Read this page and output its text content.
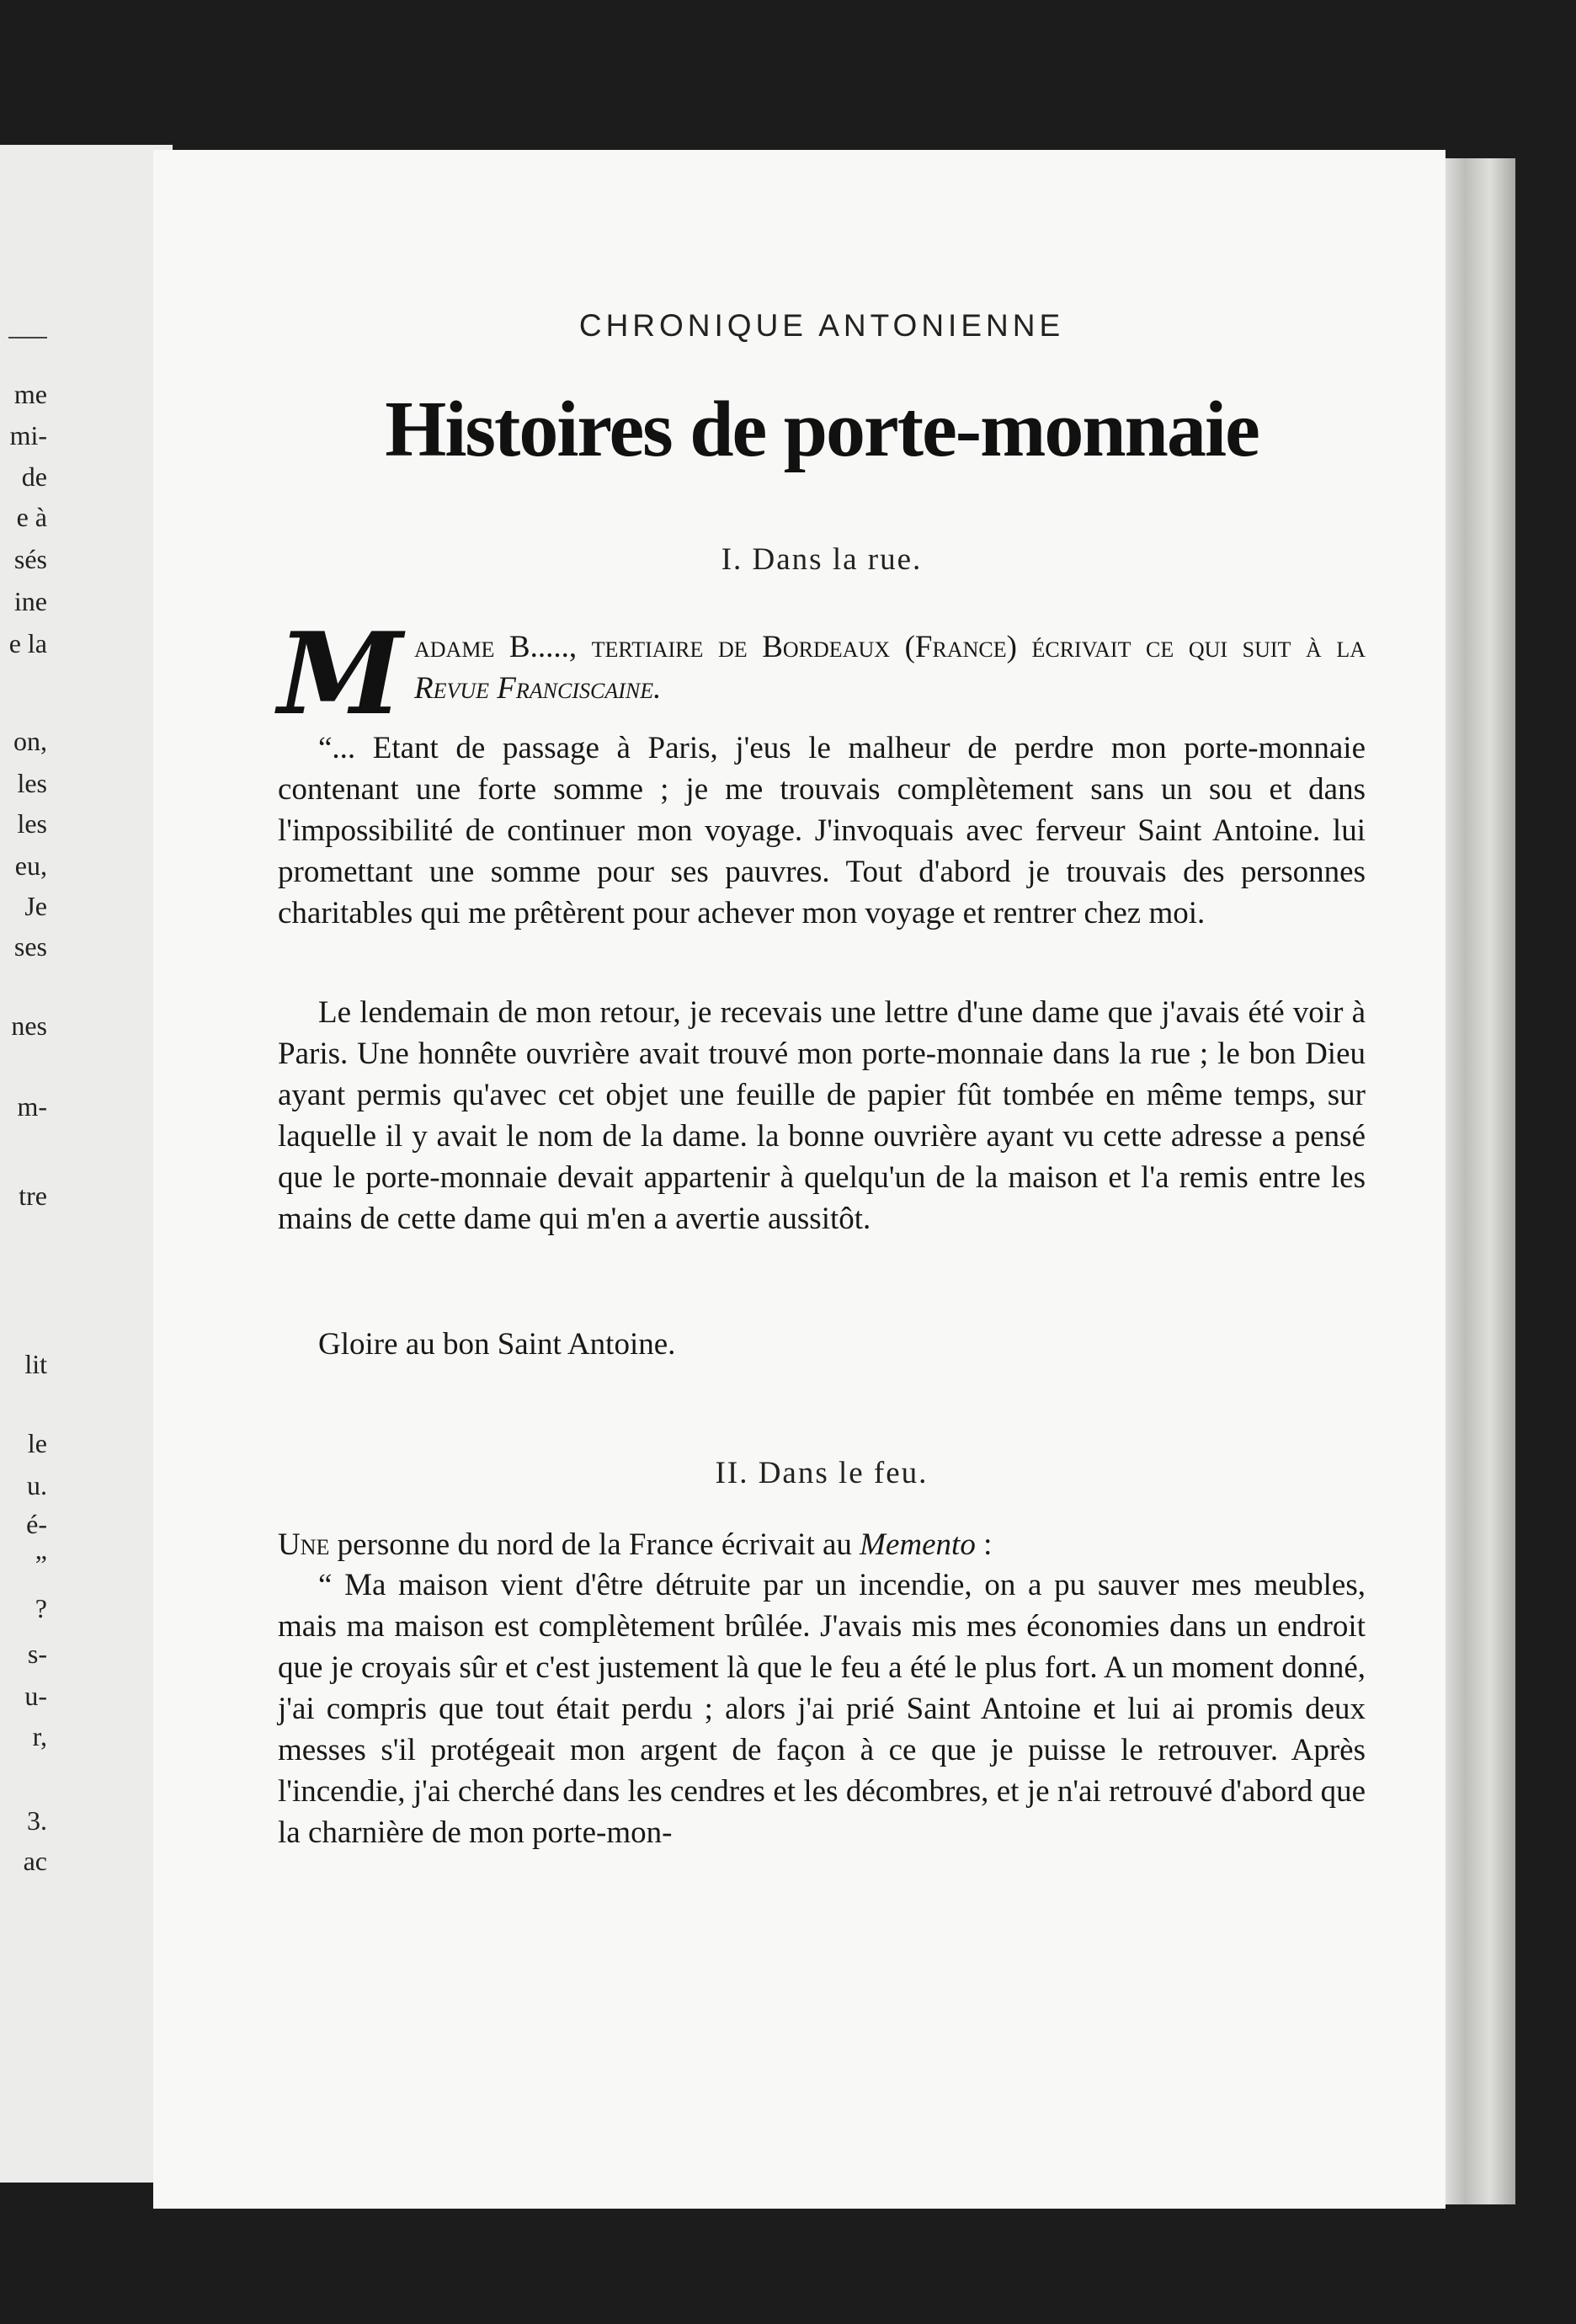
me
mi-
de
e à
sés
ine
e la
on,
les
les
eu,
Je
ses
nes
m-
tre
lit
le
u.
é-
”
?
s-
u-
r,
3.
ac
CHRONIQUE ANTONIENNE
Histoires de porte-monnaie
I. Dans la rue.
M adame B....., tertiaire de Bordeaux (France) écrivait ce qui suit à la Revue Franciscaine.
“... Etant de passage à Paris, j'eus le malheur de perdre mon porte-monnaie contenant une forte somme ; je me trouvais complètement sans un sou et dans l'impossibilité de continuer mon voyage. J'invoquais avec ferveur Saint Antoine. lui promettant une somme pour ses pauvres. Tout d'abord je trouvais des personnes charitables qui me prêtèrent pour achever mon voyage et rentrer chez moi.
Le lendemain de mon retour, je recevais une lettre d'une dame que j'avais été voir à Paris. Une honnête ouvrière avait trouvé mon porte-monnaie dans la rue ; le bon Dieu ayant permis qu'avec cet objet une feuille de papier fût tombée en même temps, sur laquelle il y avait le nom de la dame. la bonne ouvrière ayant vu cette adresse a pensé que le porte-monnaie devait appartenir à quelqu'un de la maison et l'a remis entre les mains de cette dame qui m'en a avertie aussitôt.
Gloire au bon Saint Antoine.
II. Dans le feu.
Une personne du nord de la France écrivait au Memento :
“ Ma maison vient d'être détruite par un incendie, on a pu sauver mes meubles, mais ma maison est complètement brûlée. J'avais mis mes économies dans un endroit que je croyais sûr et c'est justement là que le feu a été le plus fort. A un moment donné, j'ai compris que tout était perdu ; alors j'ai prié Saint Antoine et lui ai promis deux messes s'il protégeait mon argent de façon à ce que je puisse le retrouver. Après l'incendie, j'ai cherché dans les cendres et les décombres, et je n'ai retrouvé d'abord que la charnière de mon porte-mon-
